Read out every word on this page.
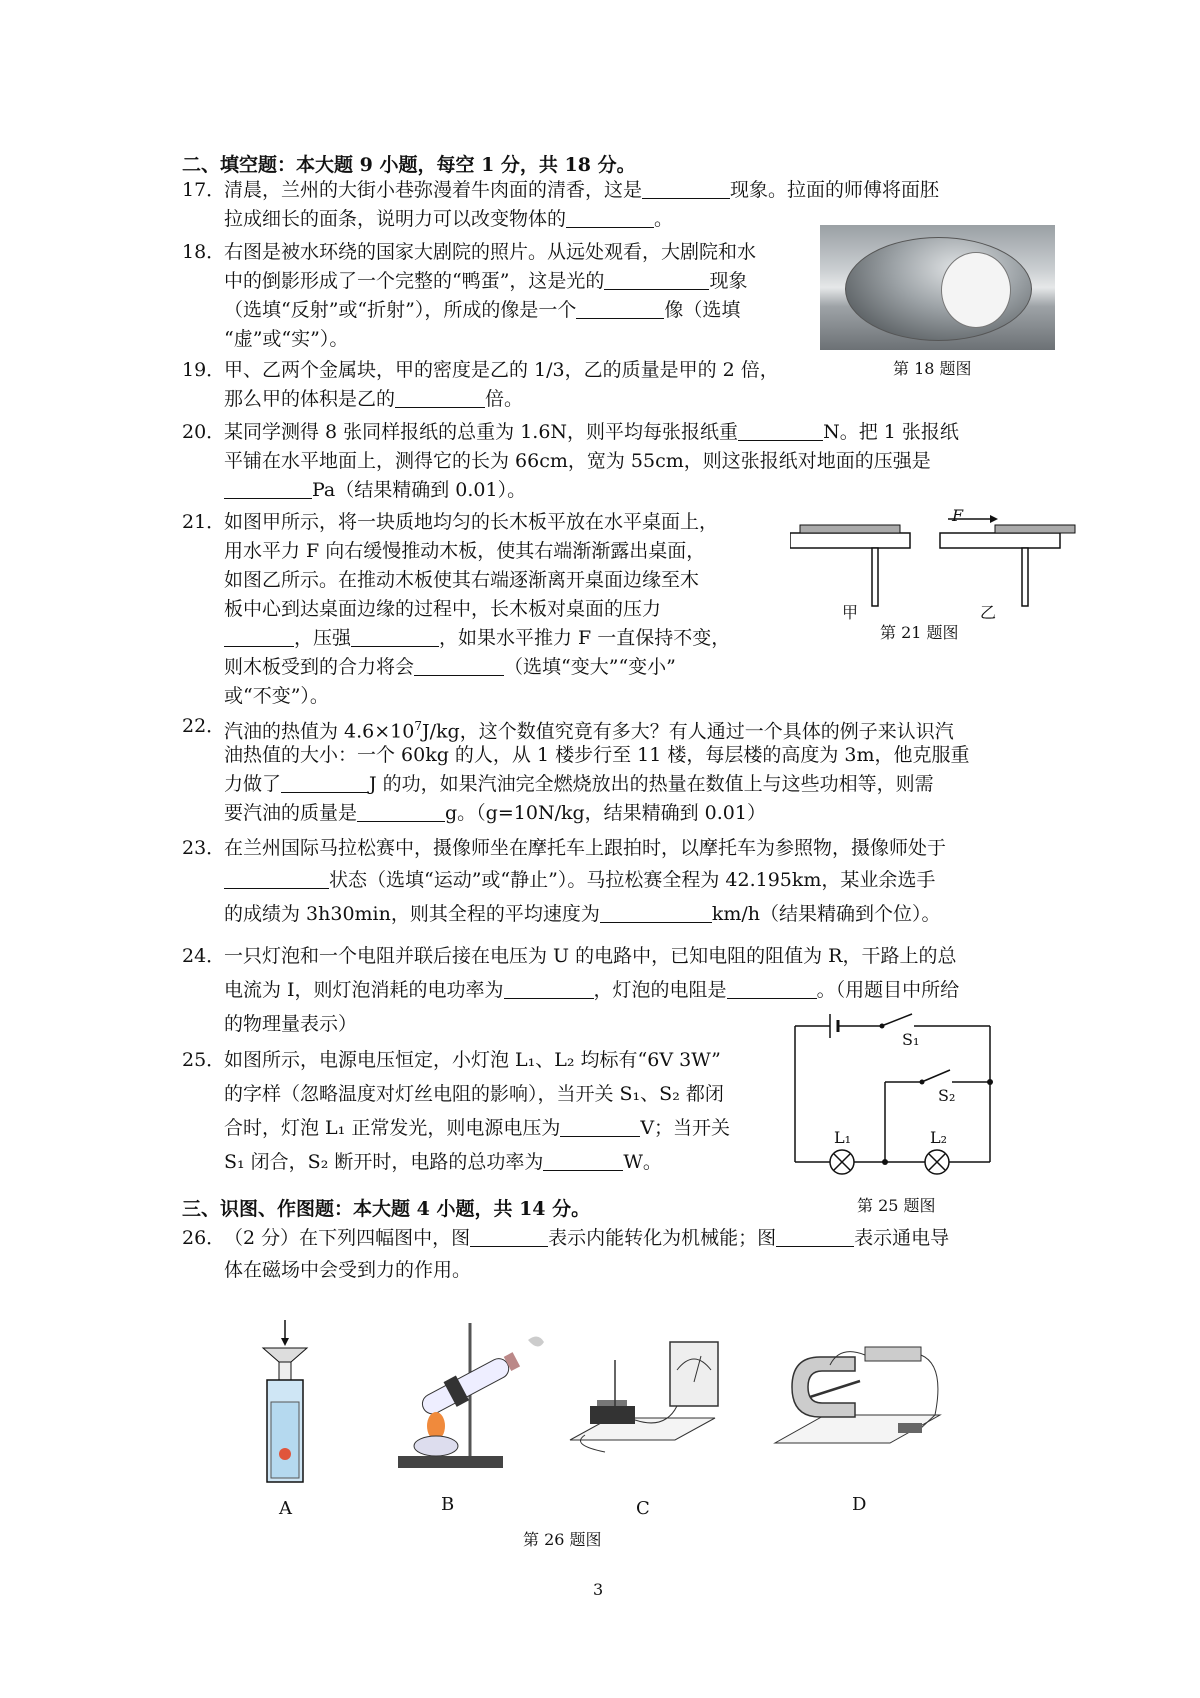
二、填空题：本大题 9 小题，每空 1 分，共 18 分。
17．
清晨，兰州的大街小巷弥漫着牛肉面的清香，这是	现象。拉面的师傅将面胚
拉成细长的面条，说明力可以改变物体的	。
18．
右图是被水环绕的国家大剧院的照片。从远处观看，大剧院和水
中的倒影形成了一个完整的“鸭蛋”，这是光的	现象
（选填“反射”或“折射”），所成的像是一个	像（选填
“虚”或“实”）。
第 18 题图
19．
甲、乙两个金属块，甲的密度是乙的 1/3，乙的质量是甲的 2 倍，
那么甲的体积是乙的	倍。
20．
某同学测得 8 张同样报纸的总重为 1.6N，则平均每张报纸重	N。把 1 张报纸
平铺在水平地面上，测得它的长为 66cm，宽为 55cm，则这张报纸对地面的压强是
Pa（结果精确到 0.01）。
21．
如图甲所示，将一块质地均匀的长木板平放在水平桌面上，
用水平力 F 向右缓慢推动木板，使其右端渐渐露出桌面，
如图乙所示。在推动木板使其右端逐渐离开桌面边缘至木
板中心到达桌面边缘的过程中，长木板对桌面的压力
，压强	，如果水平推力 F 一直保持不变，
则木板受到的合力将会	（选填“变大”“变小”
或“不变”）。
F
甲
第 21 题图
乙
22．
汽油的热值为 $4.6\times 10^7J/kg$，这个数值究竟有多大？有人通过一个具体的例子来认识汽
油热值的大小：一个 60kg 的人，从 1 楼步行至 11 楼，每层楼的高度为 3m，他克服重
力做了	J 的功，如果汽油完全燃烧放出的热量在数值上与这些功相等，则需
要汽油的质量是	g。（g=10N/kg，结果精确到 0.01）
23．
在兰州国际马拉松赛中，摄像师坐在摩托车上跟拍时，以摩托车为参照物，摄像师处于
状态（选填“运动”或“静止”）。马拉松赛全程为 42.195km，某业余选手
的成绩为 3h30min，则其全程的平均速度为	km/h（结果精确到个位）。
24．
一只灯泡和一个电阻并联后接在电压为 U 的电路中，已知电阻的阻值为 R，干路上的总
电流为 I，则灯泡消耗的电功率为	，灯泡的电阻是	。（用题目中所给
的物理量表示）
25．
如图所示，电源电压恒定，小灯泡 L₁、L₂ 均标有“6V 3W”
的字样（忽略温度对灯丝电阻的影响），当开关 S₁、S₂ 都闭
合时，灯泡 L₁ 正常发光，则电源电压为	V；当开关
S₁ 闭合，S₂ 断开时，电路的总功率为	W。
S₁
S₂
L₁	L₂
第 25 题图
三、识图、作图题：本大题 4 小题，共 14 分。
26．
（2 分）在下列四幅图中，图	表示内能转化为机械能；图	表示通电导
体在磁场中会受到力的作用。
A	B	C	D
第 26 题图
3
